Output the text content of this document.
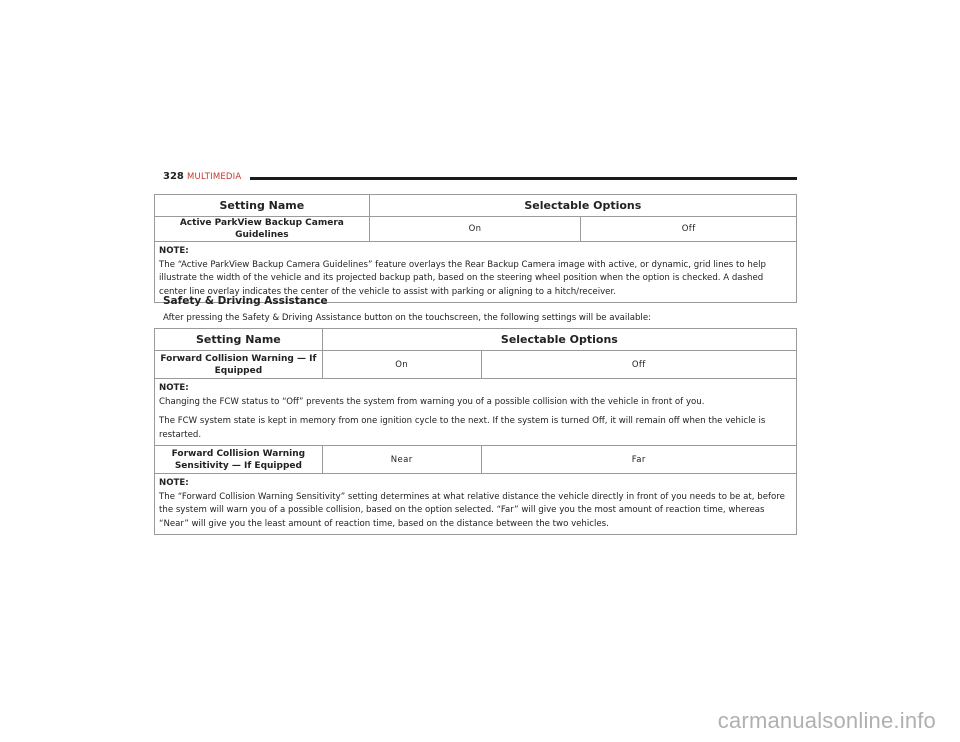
328 MULTIMEDIA
Setting Name	Selectable Options	
Active ParkView Backup Camera Guidelines	On	Off

NOTE:
The “Active ParkView Backup Camera Guidelines” feature overlays the Rear Backup Camera image with active, or dynamic, grid lines to help illustrate the width of the vehicle and its projected backup path, based on the steering wheel position when the option is checked. A dashed center line overlay indicates the center of the vehicle to assist with parking or aligning to a hitch/receiver.		
Safety & Driving Assistance
After pressing the Safety & Driving Assistance button on the touchscreen, the following settings will be available:
Setting Name	Selectable Options	
Forward Collision Warning — If Equipped	On	Off

NOTE:
Changing the FCW status to “Off” prevents the system from warning you of a possible collision with the vehicle in front of you.
The FCW system state is kept in memory from one ignition cycle to the next. If the system is turned Off, it will remain off when the vehicle is restarted.		

Forward Collision Warning Sensitivity — If Equipped	Near	Far

NOTE:
The “Forward Collision Warning Sensitivity” setting determines at what relative distance the vehicle directly in front of you needs to be at, before the system will warn you of a possible collision, based on the option selected. “Far” will give you the most amount of reaction time, whereas “Near” will give you the least amount of reaction time, based on the distance between the two vehicles.		
carmanualsonline.info
